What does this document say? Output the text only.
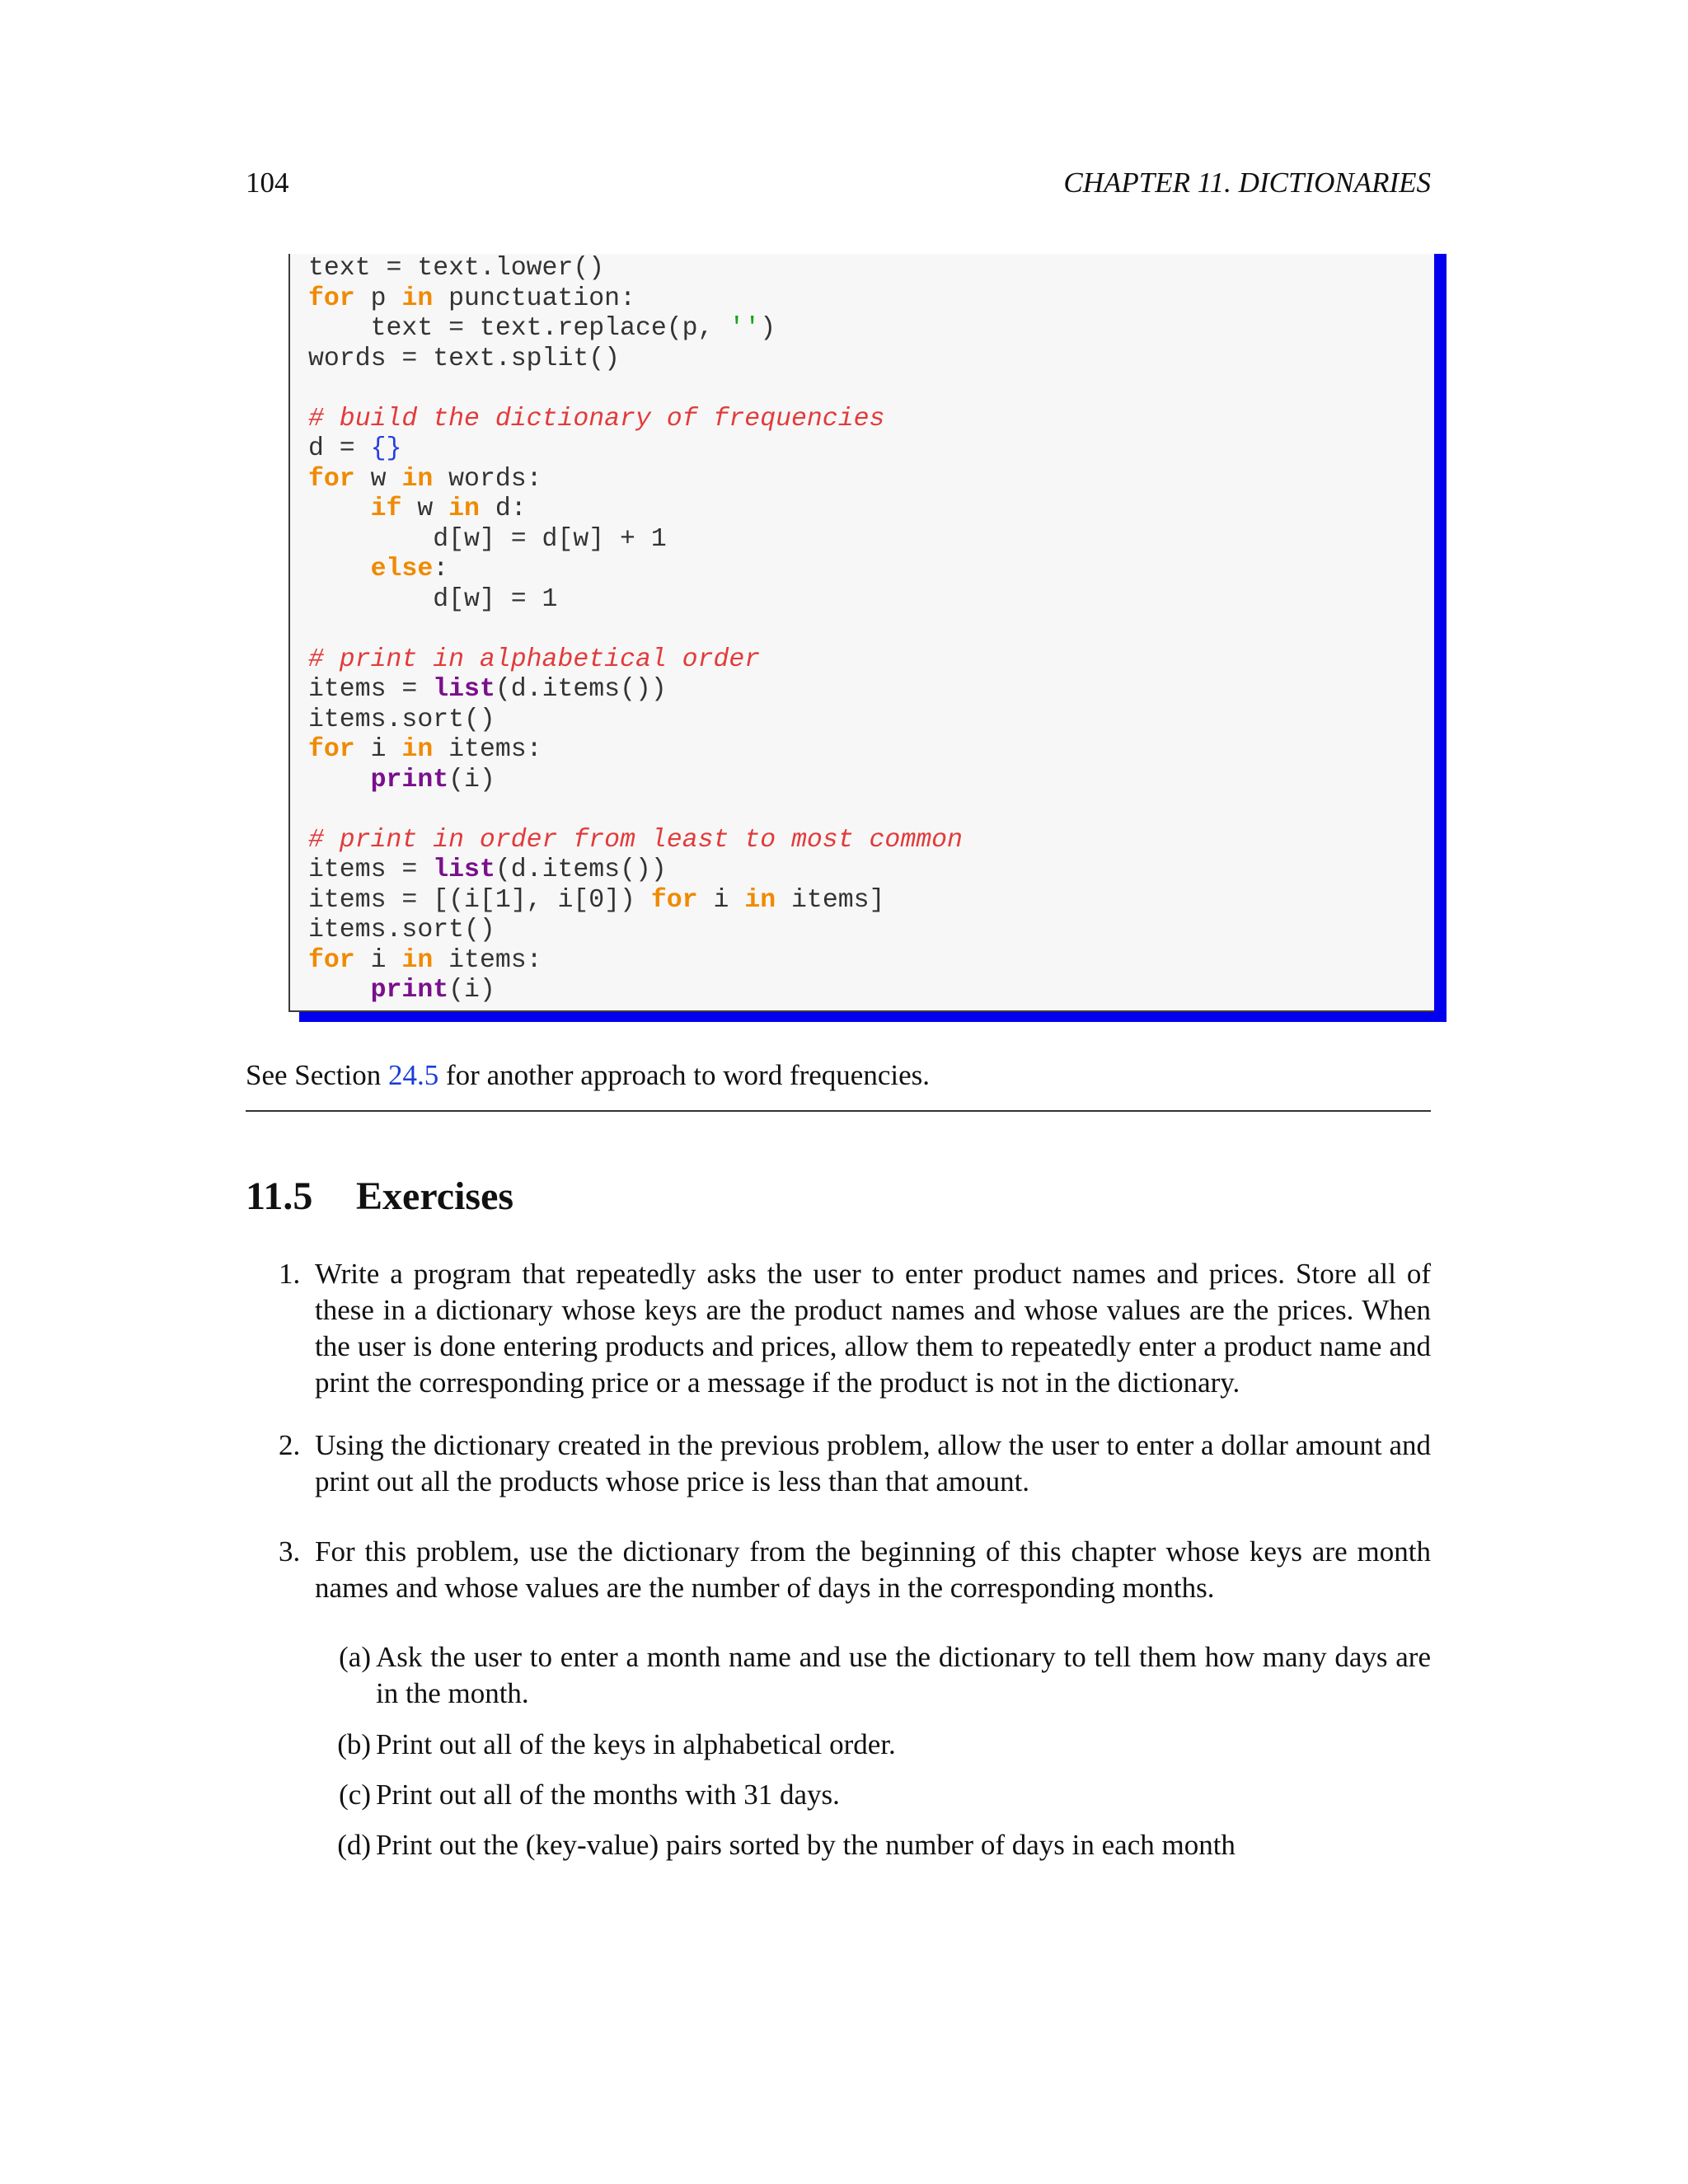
104	CHAPTER 11. DICTIONARIES
text = text.lower()
for p in punctuation:
text = text.replace(p, '')
words = text.split()

# build the dictionary of frequencies
d = {}
for w in words:
if w in d:
d[w] = d[w] + 1
else:
d[w] = 1

# print in alphabetical order
items = list(d.items())
items.sort()
for i in items:
print(i)

# print in order from least to most common
items = list(d.items())
items = [(i[1], i[0]) for i in items]
items.sort()
for i in items:
print(i)
See Section 24.5 for another approach to word frequencies.
11.5 Exercises
1. Write a program that repeatedly asks the user to enter product names and prices. Store all of these in a dictionary whose keys are the product names and whose values are the prices. When the user is done entering products and prices, allow them to repeatedly enter a product name and print the corresponding price or a message if the product is not in the dictionary.
2. Using the dictionary created in the previous problem, allow the user to enter a dollar amount and print out all the products whose price is less than that amount.
3. For this problem, use the dictionary from the beginning of this chapter whose keys are month names and whose values are the number of days in the corresponding months.
(a) Ask the user to enter a month name and use the dictionary to tell them how many days are in the month.
(b) Print out all of the keys in alphabetical order.
(c) Print out all of the months with 31 days.
(d) Print out the (key-value) pairs sorted by the number of days in each month
